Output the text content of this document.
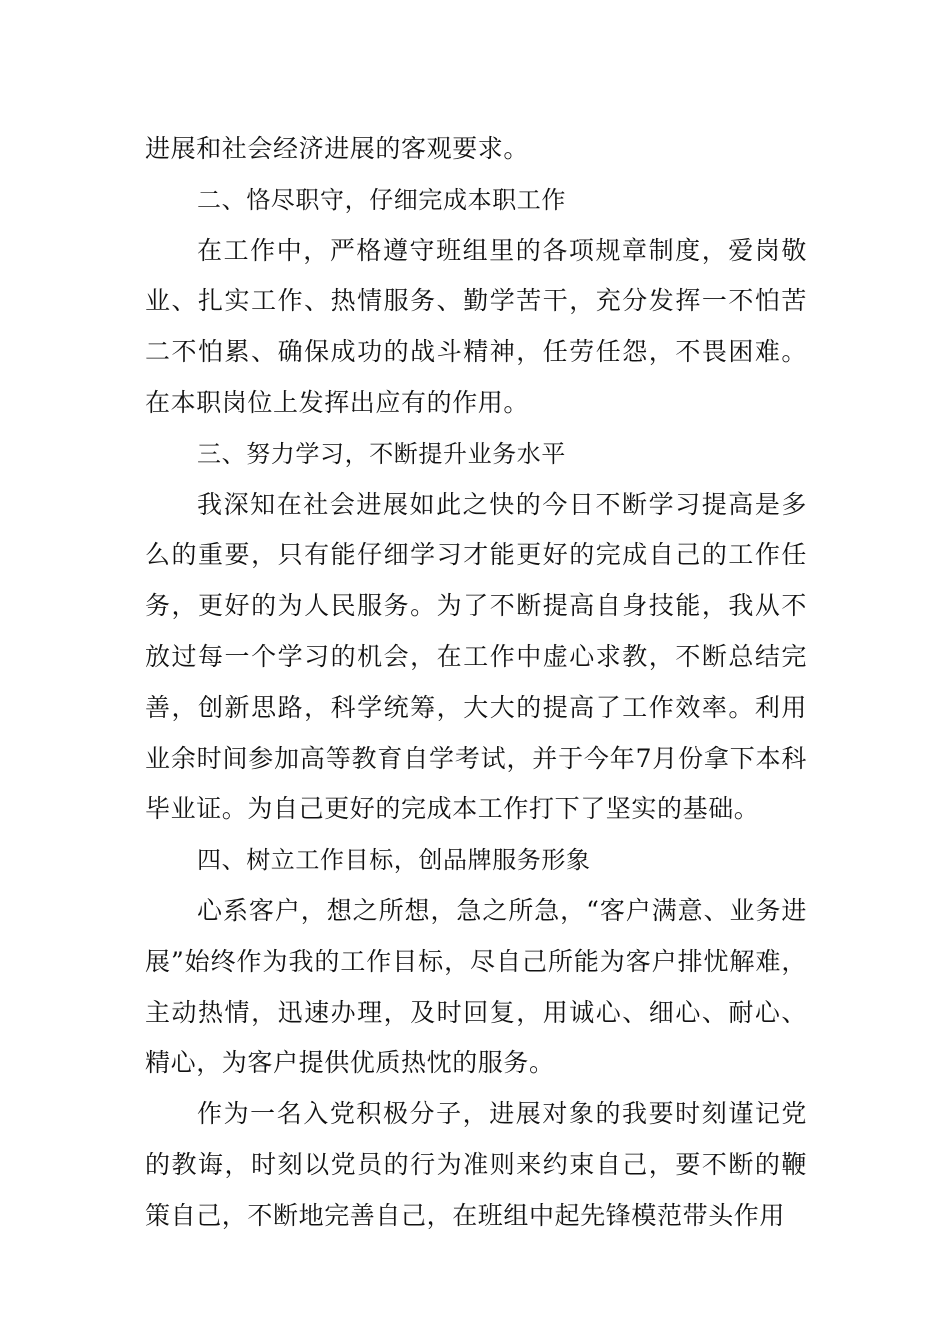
进展和社会经济进展的客观要求。

二、恪尽职守，仔细完成本职工作

在工作中，严格遵守班组里的各项规章制度，爱岗敬业、扎实工作、热情服务、勤学苦干，充分发挥一不怕苦二不怕累、确保成功的战斗精神，任劳任怨，不畏困难。在本职岗位上发挥出应有的作用。

三、努力学习，不断提升业务水平

我深知在社会进展如此之快的今日不断学习提高是多么的重要，只有能仔细学习才能更好的完成自己的工作任务，更好的为人民服务。为了不断提高自身技能，我从不放过每一个学习的机会，在工作中虚心求教，不断总结完善，创新思路，科学统筹，大大的提高了工作效率。利用业余时间参加高等教育自学考试，并于今年7月份拿下本科毕业证。为自己更好的完成本工作打下了坚实的基础。

四、树立工作目标，创品牌服务形象

心系客户，想之所想，急之所急，“客户满意、业务进展”始终作为我的工作目标，尽自己所能为客户排忧解难，主动热情，迅速办理，及时回复，用诚心、细心、耐心、精心，为客户提供优质热忱的服务。

作为一名入党积极分子，进展对象的我要时刻谨记党的教诲，时刻以党员的行为准则来约束自己，要不断的鞭策自己，不断地完善自己，在班组中起先锋模范带头作用
